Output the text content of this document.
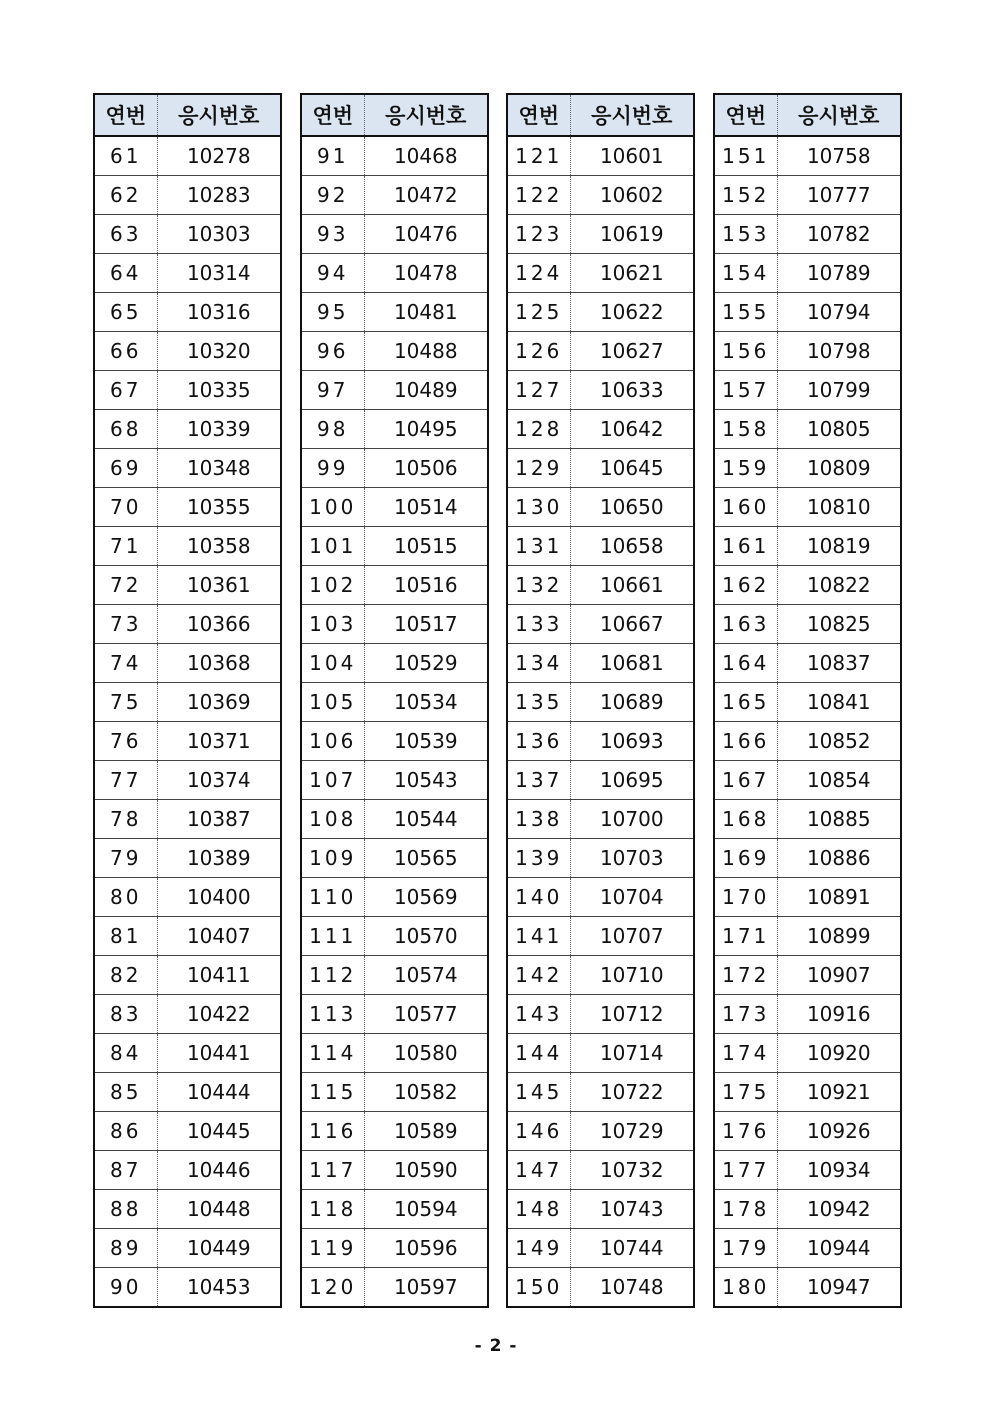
연번	응시번호
61	10278
62	10283
63	10303
64	10314
65	10316
66	10320
67	10335
68	10339
69	10348
70	10355
71	10358
72	10361
73	10366
74	10368
75	10369
76	10371
77	10374
78	10387
79	10389
80	10400
81	10407
82	10411
83	10422
84	10441
85	10444
86	10445
87	10446
88	10448
89	10449
90	10453
연번	응시번호
91	10468
92	10472
93	10476
94	10478
95	10481
96	10488
97	10489
98	10495
99	10506
100	10514
101	10515
102	10516
103	10517
104	10529
105	10534
106	10539
107	10543
108	10544
109	10565
110	10569
111	10570
112	10574
113	10577
114	10580
115	10582
116	10589
117	10590
118	10594
119	10596
120	10597
연번	응시번호
121	10601
122	10602
123	10619
124	10621
125	10622
126	10627
127	10633
128	10642
129	10645
130	10650
131	10658
132	10661
133	10667
134	10681
135	10689
136	10693
137	10695
138	10700
139	10703
140	10704
141	10707
142	10710
143	10712
144	10714
145	10722
146	10729
147	10732
148	10743
149	10744
150	10748
연번	응시번호
151	10758
152	10777
153	10782
154	10789
155	10794
156	10798
157	10799
158	10805
159	10809
160	10810
161	10819
162	10822
163	10825
164	10837
165	10841
166	10852
167	10854
168	10885
169	10886
170	10891
171	10899
172	10907
173	10916
174	10920
175	10921
176	10926
177	10934
178	10942
179	10944
180	10947
- 2 -
